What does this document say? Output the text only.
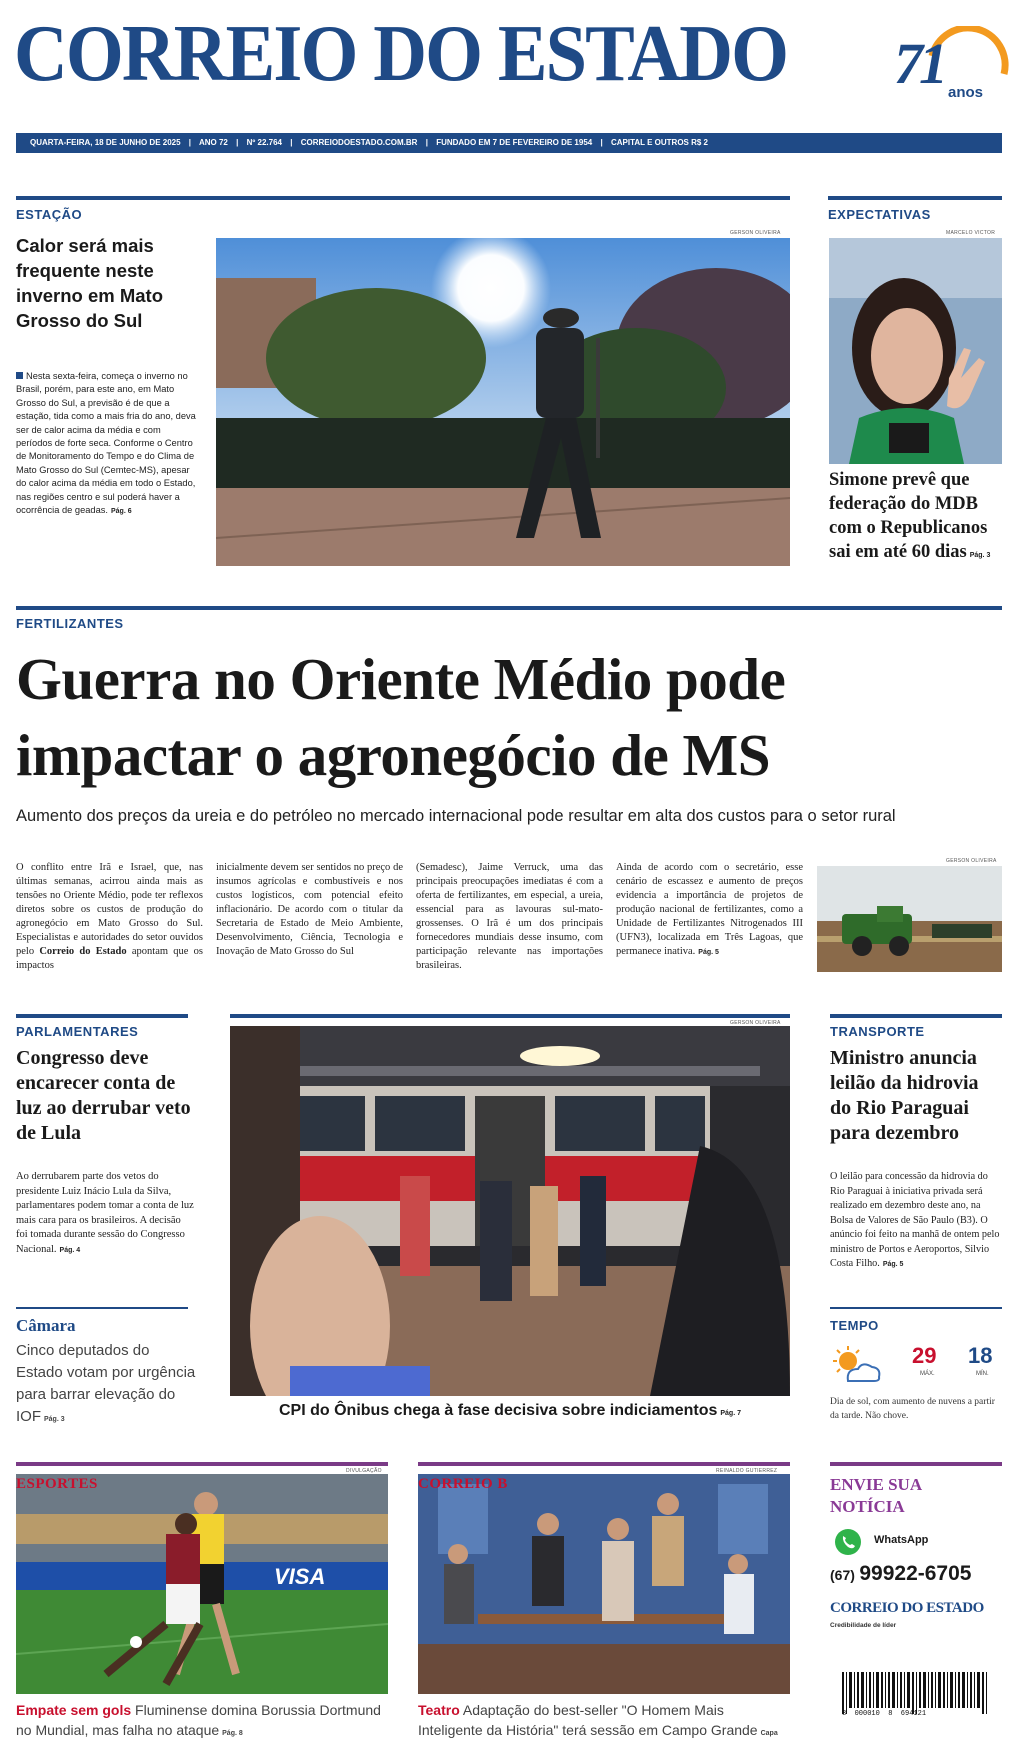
CORREIO DO ESTADO 71 anos
QUARTA-FEIRA, 18 DE JUNHO DE 2025 | ANO 72 | Nº 22.764 | CORREIODOESTADO.COM.BR | FUNDADO EM 7 DE FEVEREIRO DE 1954 | CAPITAL E OUTROS R$ 2
ESTAÇÃO
Calor será mais frequente neste inverno em Mato Grosso do Sul
Nesta sexta-feira, começa o inverno no Brasil, porém, para este ano, em Mato Grosso do Sul, a previsão é de que a estação, tida como a mais fria do ano, deva ser de calor acima da média e com períodos de forte seca. Conforme o Centro de Monitoramento do Tempo e do Clima de Mato Grosso do Sul (Cemtec-MS), apesar do calor acima da média em todo o Estado, nas regiões centro e sul poderá haver a ocorrência de geadas. Pág. 6
GERSON OLIVEIRA
EXPECTATIVAS
MARCELO VICTOR
Simone prevê que federação do MDB com o Republicanos sai em até 60 dias Pág. 3
FERTILIZANTES
Guerra no Oriente Médio pode
impactar o agronegócio de MS
Aumento dos preços da ureia e do petróleo no mercado internacional pode resultar em alta dos custos para o setor rural
O conflito entre Irã e Israel, que, nas últimas semanas, acirrou ainda mais as tensões no Oriente Médio, pode ter reflexos diretos sobre os custos de produção do agronegócio em Mato Grosso do Sul. Especialistas e autoridades do setor ouvidos pelo Correio do Estado apontam que os impactos
inicialmente devem ser sentidos no preço de insumos agrícolas e combustíveis e nos custos logísticos, com potencial efeito inflacionário. De acordo com o titular da Secretaria de Estado de Meio Ambiente, Desenvolvimento, Ciência, Tecnologia e Inovação de Mato Grosso do Sul
(Semadesc), Jaime Verruck, uma das principais preocupações imediatas é com a oferta de fertilizantes, em especial, a ureia, essencial para as lavouras sul-mato-grossenses. O Irã é um dos principais fornecedores mundiais desse insumo, com participação relevante nas importações brasileiras.
Ainda de acordo com o secretário, esse cenário de escassez e aumento de preços evidencia a importância de projetos de produção nacional de fertilizantes, como a Unidade de Fertilizantes Nitrogenados III (UFN3), localizada em Três Lagoas, que permanece inativa. Pág. 5
GERSON OLIVEIRA
PARLAMENTARES
Congresso deve encarecer conta de luz ao derrubar veto de Lula
Ao derrubarem parte dos vetos do presidente Luiz Inácio Lula da Silva, parlamentares podem tomar a conta de luz mais cara para os brasileiros. A decisão foi tomada durante sessão do Congresso Nacional. Pág. 4
Câmara
Cinco deputados do Estado votam por urgência para barrar elevação do IOF Pág. 3
GERSON OLIVEIRA
CPI do Ônibus chega à fase decisiva sobre indiciamentos Pág. 7
TRANSPORTE
Ministro anuncia leilão da hidrovia do Rio Paraguai para dezembro
O leilão para concessão da hidrovia do Rio Paraguai à iniciativa privada será realizado em dezembro deste ano, na Bolsa de Valores de São Paulo (B3). O anúncio foi feito na manhã de ontem pelo ministro de Portos e Aeroportos, Silvio Costa Filho. Pág. 5
TEMPO
29
MÁX.
18
MÍN.
Dia de sol, com aumento de nuvens a partir da tarde. Não chove.
DIVULGAÇÃO
ESPORTES
VISA
Empate sem gols Fluminense domina Borussia Dortmund no Mundial, mas falha no ataque Pág. 8
REINALDO GUTIERREZ
CORREIO B
Teatro Adaptação do best-seller "O Homem Mais Inteligente da História" terá sessão em Campo Grande Capa
ENVIE SUA
NOTÍCIA
WhatsApp
(67) 99922-6705
CORREIO DO ESTADO
Credibilidade de líder
3  000010  8  694121
